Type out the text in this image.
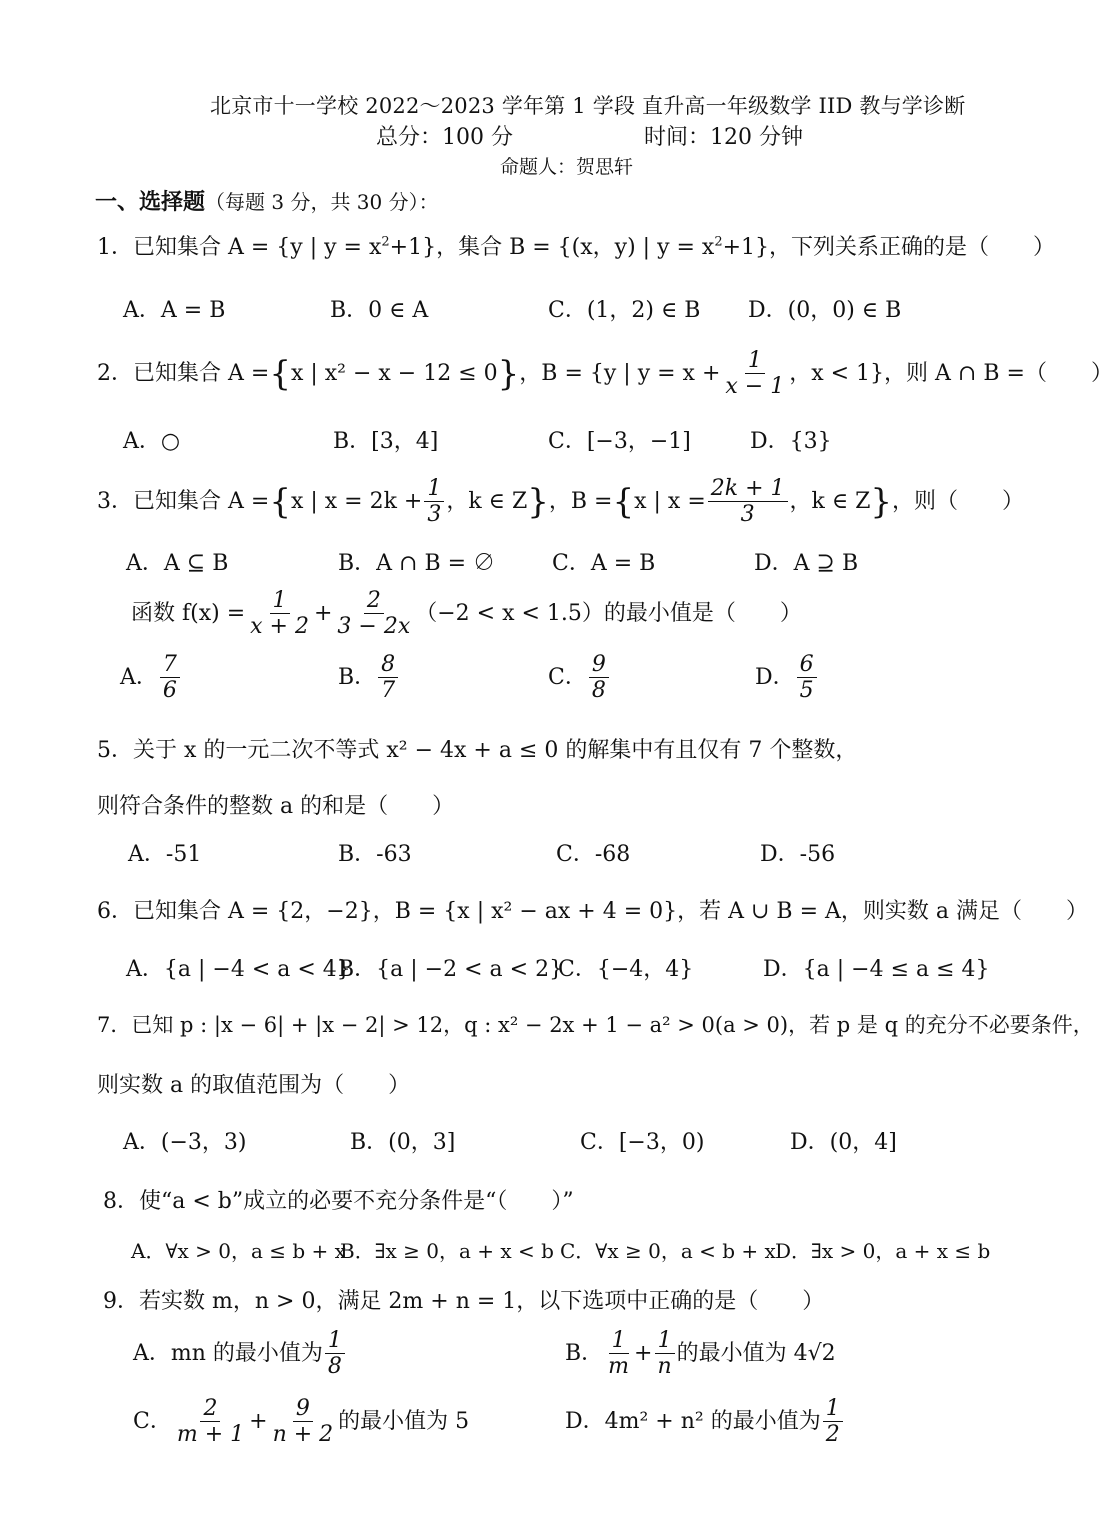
北京市十一学校 2022～2023 学年第 1 学段 直升高一年级数学 IID 教与学诊断
总分：100 分	时间：120 分钟
命题人：贺思轩
一、选择题（每题 3 分，共 30 分）：
1．已知集合 A = {y | $y = x^2+1$}，集合 B = {(x，y) | $y = x^2+1$}，下列关系正确的是（　　）
A．A = B	B．0 ∈ A	C．(1，2) ∈ B D．(0，0) ∈ B
2．已知集合 A ={x | x² − x − 12 ≤ 0}，B = {y | $y = x + \frac{1}{x - 1}$ ，x < 1}，则 A ∩ B =（　　）
A．○	B．[3，4]	C．[−3，−1]	D．{3}
3．已知集合 A ={x | $x = 2k + \frac{1}{3}$ ，k ∈ Z}，B ={x | $x = \frac{2k + 1}{3}$ ，k ∈ Z}，则（　　）
A．A ⊆ B	B．A ∩ B = ∅	C．A = B	D．A ⊇ B
函数 $f(x) = \frac{1}{x + 2} + \frac{2}{3 - 2x} (-2 < x < 1.5)$的最小值是（　　）
A． $\frac{7}{6}$	B． $\frac{8}{7}$	C． $\frac{9}{8}$	D． $\frac{6}{5}$
5．关于 x 的一元二次不等式 x² − 4x + a ≤ 0 的解集中有且仅有 7 个整数，
则符合条件的整数 a 的和是（　　）
A．-51	B．-63	C．-68	D．-56
6．已知集合 A = {2，−2}，B = {x | x² − ax + 4 = 0}，若 A ∪ B = A，则实数 a 满足（　　）
A．{a | −4 < a < 4}
B．{a | −2 < a < 2}
C．{−4，4}	D．{a | −4 ≤ a ≤ 4}
7．已知 p : |x − 6| + |x − 2| > 12，q : x² − 2x + 1 − a² > 0(a > 0)，若 p 是 q 的充分不必要条件，
则实数 a 的取值范围为（　　）
A．(−3，3)	B．(0，3]	C．[−3，0)	D．(0，4]
8．使“a < b”成立的必要不充分条件是“（　　）”
A．∀x > 0，a ≤ b + x
B．∃x ≥ 0，a + x < b C．∀x ≥ 0，a < b + x D．∃x > 0，a + x ≤ b
9．若实数 m，n > 0，满足 2m + n = 1，以下选项中正确的是（　　）
A．mn 的最小值为 $\frac{1}{8}$	B． $\frac{1}{m} + \frac{1}{n}$ 的最小值为 4√2
C． $\frac{2}{m + 1} + \frac{9}{n + 2}$ 的最小值为 5	D．4m² + n² 的最小值为 $\frac{1}{2}$
